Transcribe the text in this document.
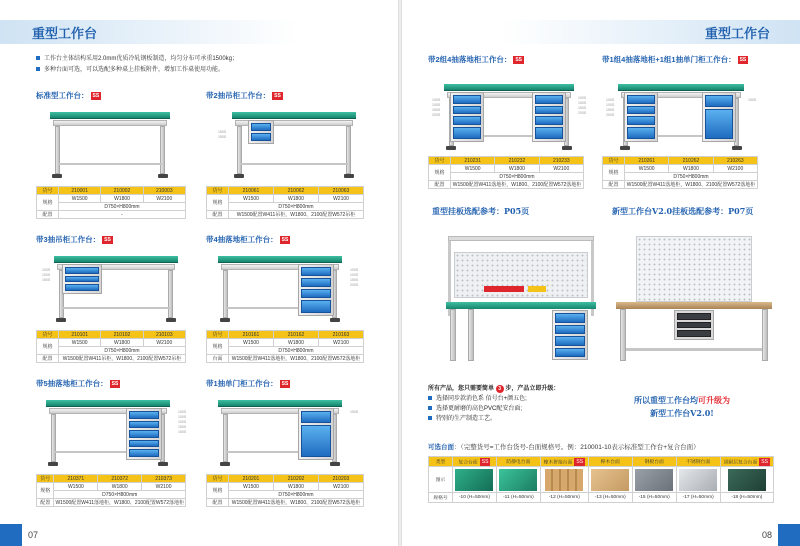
重型工作台
工作台主体结构采用2.0mm优质冷轧钢板制造，均匀分布可承重1500kg；
多种台面可选，可以选配多种桌上挂板附件，增加工作桌使用功能。
标准型工作台： SS
货号	210001	210002	210003
规格	W1500	W1800	W2100
	D750×H800mm		
配置	-		
带2抽吊柜工作台： SS
150S
150S
货号	210061	210062	210063
规格	W1500	W1800	W2100
	D750×H800mm		
配置	W1500配置W411吊柜，W1800、2100配置W572吊柜		
带3抽吊柜工作台： SS
100S
100S
150S
货号	210101	210102	210103
规格	W1500	W1800	W2100
	D750×H800mm		
配置	W1500配置W411吊柜，W1800、2100配置W572吊柜		
带4抽落地柜工作台： SS
100S
100S
150S
200S
货号	210161	210162	210163
规格	W1500	W1800	W2100
	D750×H800mm		
台面	W1500配置W411落地柜，W1800、2100配置W572落地柜		
带5抽落地柜工作台： SS
100S
100S
100S
150S
150S
货号	210371	210372	210373
规格	W1500	W1800	W2100
	D750×H800mm		
配置	W1500配置W411落地柜，W1800、2100配置W572落地柜		
带1抽单门柜工作台： SS
150S
货号	210201	210202	210203
规格	W1500	W1800	W2100
	D750×H800mm		
配置	W1500配置W411落地柜，W1800、2100配置W572落地柜		
07
重型工作台
带2组4抽落地柜工作台： SS
100S
100S
150S
200S
100S
100S
150S
200S
货号	210231	210232	210233
规格	W1500	W1800	W2100
	D750×H800mm		
配置	W1500配置W411落地柜，W1800、2100配置W572落地柜		
带1组4抽落地柜+1组1抽单门柜工作台： SS
100S
100S
150S
200S
150S
货号	210261	210262	210263
规格	W1500	W1800	W2100
	D750×H800mm		
配置	W1500配置W411落地柜，W1800、2100配置W572落地柜		
重型挂板选配参考：P05页	新型工作台V2.0挂板选配参考：P07页
所有产品，您只需要简单 3 步，产品立即升级：
选择同步款消色系 佰号台+颜五色;
选择更耐磨的高色PVC配安台面;
特别的生产制造工艺。
所以重型工作台均可升级为
新型工作台V2.0!
可选台面：（完整货号=工作台货号-台面规格号。例：210001-10表示标准型工作台+复合台面）
类型	复合台面 SS	防静电台面	橡木拼接台面 SS	榉木台面	钢板台面	不锈钢台面	固耐层复合台面 SS
图示	

规格号	-10 (H=50mm)	-11 (H=50mm)	-12 (H=50mm)	-13 (H=50mm)	-15 (H=50mm)	-17 (H=50mm)	-18 (H=50mm)
08
